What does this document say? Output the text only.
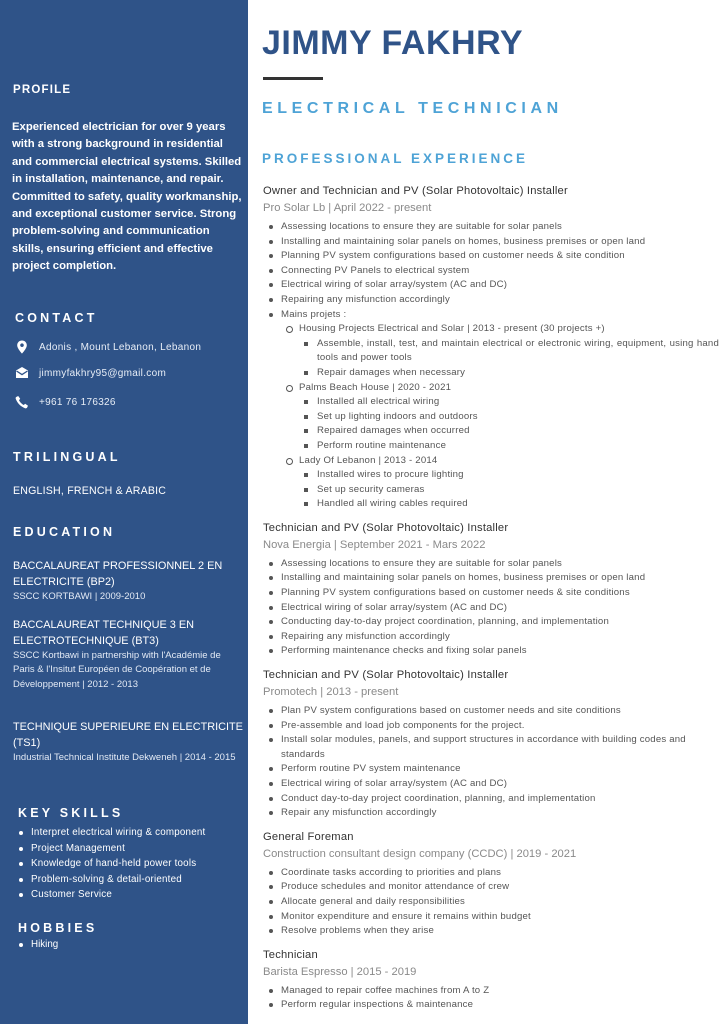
PROFILE
Experienced electrician for over 9 years with a strong background in residential and commercial electrical systems. Skilled in installation, maintenance, and repair. Committed to safety, quality workmanship, and exceptional customer service. Strong problem-solving and communication skills, ensuring efficient and effective project completion.
CONTACT
Adonis , Mount Lebanon, Lebanon
jimmyfakhry95@gmail.com
+961 76 176326
TRILINGUAL
ENGLISH, FRENCH & ARABIC
EDUCATION
BACCALAUREAT PROFESSIONNEL 2 EN ELECTRICITE (BP2)
SSCC KORTBAWI | 2009-2010
BACCALAUREAT TECHNIQUE 3 EN ELECTROTECHNIQUE (BT3)
SSCC Kortbawi in partnership with l'Académie de Paris & l'Insitut Européen de Coopération et de Développement | 2012 - 2013
TECHNIQUE SUPERIEURE EN ELECTRICITE (TS1)
Industrial Technical Institute Dekweneh | 2014 - 2015
KEY SKILLS
Interpret electrical wiring & component
Project Management
Knowledge of hand-held power tools
Problem-solving & detail-oriented
Customer Service
HOBBIES
Hiking
JIMMY FAKHRY
ELECTRICAL TECHNICIAN
PROFESSIONAL EXPERIENCE
Owner and Technician and PV (Solar Photovoltaic) Installer
Pro Solar Lb | April 2022 - present
Assessing locations to ensure they are suitable for solar panels
Installing and maintaining solar panels on homes, business premises or open land
Planning PV system configurations based on customer needs & site condition
Connecting PV Panels to electrical system
Electrical wiring of solar array/system (AC and DC)
Repairing any misfunction accordingly
Mains projets :
Housing Projects Electrical and Solar | 2013 - present (30 projects +)
Assemble, install, test, and maintain electrical or electronic wiring, equipment, using hand tools and power tools
Repair damages when necessary
Palms Beach House | 2020 - 2021
Installed all electrical wiring
Set up lighting indoors and outdoors
Repaired damages when occurred
Perform routine maintenance
Lady Of Lebanon | 2013 - 2014
Installed wires to procure lighting
Set up security cameras
Handled all wiring cables required
Technician and PV (Solar Photovoltaic) Installer
Nova Energia | September 2021 - Mars 2022
Assessing locations to ensure they are suitable for solar panels
Installing and maintaining solar panels on homes, business premises or open land
Planning PV system configurations based on customer needs & site conditions
Electrical wiring of solar array/system (AC and DC)
Conducting day-to-day project coordination, planning, and implementation
Repairing any misfunction accordingly
Performing maintenance checks and fixing solar panels
Technician and PV (Solar Photovoltaic) Installer
Promotech | 2013 - present
Plan PV system configurations based on customer needs and site conditions
Pre-assemble and load job components for the project.
Install solar modules, panels, and support structures in accordance with building codes and standards
Perform routine PV system maintenance
Electrical wiring of solar array/system (AC and DC)
Conduct day-to-day project coordination, planning, and implementation
Repair any misfunction accordingly
General Foreman
Construction consultant design company (CCDC) | 2019 - 2021
Coordinate tasks according to priorities and plans
Produce schedules and monitor attendance of crew
Allocate general and daily responsibilities
Monitor expenditure and ensure it remains within budget
Resolve problems when they arise
Technician
Barista Espresso | 2015 - 2019
Managed to repair coffee machines from A to Z
Perform regular inspections & maintenance
